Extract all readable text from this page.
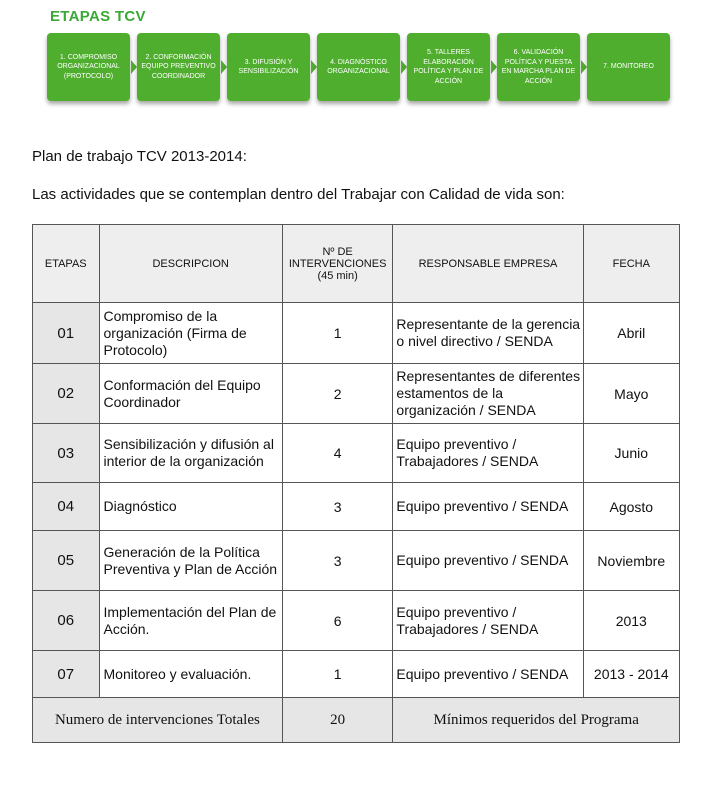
ETAPAS TCV
1. COMPROMISO ORGANIZACIONAL (PROTOCOLO)
2. CONFORMACIÓN EQUIPO PREVENTIVO COORDINADOR
3. DIFUSIÓN Y SENSIBILIZACIÓN
4. DIAGNÓSTICO ORGANIZACIONAL
5. TALLERES ELABORACIÓN POLÍTICA Y PLAN DE ACCIÓN
6. VALIDACIÓN POLÍTICA Y PUESTA EN MARCHA PLAN DE ACCIÓN
7. MONITOREO
Plan de trabajo TCV 2013-2014:
Las actividades que se contemplan dentro del Trabajar con Calidad de vida son:
ETAPAS	DESCRIPCION	Nº DE INTERVENCIONES (45 min)	RESPONSABLE EMPRESA	FECHA
01	Compromiso de la organización (Firma de Protocolo)	1	Representante de la gerencia o nivel directivo / SENDA	Abril
02	Conformación del Equipo Coordinador	2	Representantes de diferentes estamentos de la organización / SENDA	Mayo
03	Sensibilización y difusión al interior de la organización	4	Equipo preventivo / Trabajadores / SENDA	Junio
04	Diagnóstico	3	Equipo preventivo / SENDA	Agosto
05	Generación de la Política Preventiva y Plan de Acción	3	Equipo preventivo / SENDA	Noviembre
06	Implementación del Plan de Acción.	6	Equipo preventivo / Trabajadores / SENDA	2013
07	Monitoreo y evaluación.	1	Equipo preventivo / SENDA	2013 - 2014
Numero de intervenciones Totales		20	Mínimos requeridos del Programa	
